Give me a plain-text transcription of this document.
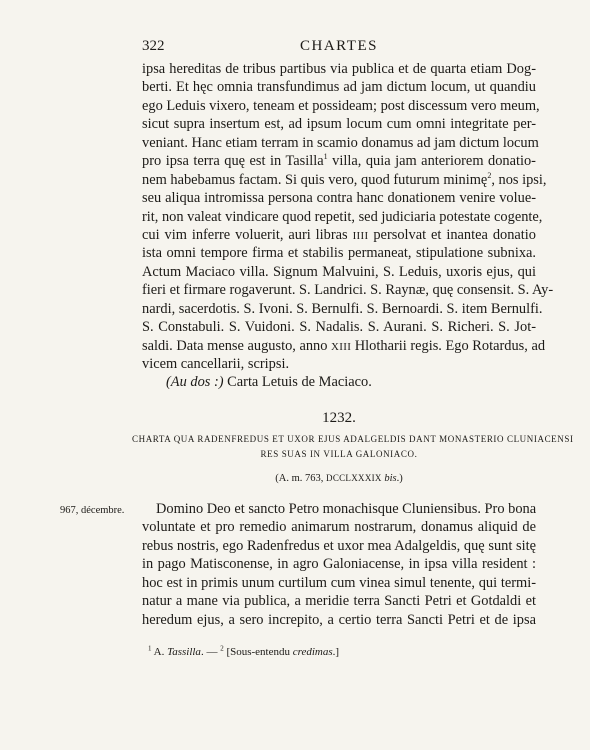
322	CHARTES
ipsa hereditas de tribus partibus via publica et de quarta etiam Dog-
berti. Et hęc omnia transfundimus ad jam dictum locum, ut quandiu
ego Leduis vixero, teneam et possideam; post discessum vero meum,
sicut supra insertum est, ad ipsum locum cum omni integritate per-
veniant. Hanc etiam terram in scamio donamus ad jam dictum locum
pro ipsa terra quę est in Tasilla$^1$ villa, quia jam anteriorem donatio-
nem habebamus factam. Si quis vero, quod futurum minimę$^2$, nos ipsi,
seu aliqua intromissa persona contra hanc donationem venire volue-
rit, non valeat vindicare quod repetit, sed judiciaria potestate cogente,
cui vim inferre voluerit, auri libras IIII persolvat et inantea donatio
ista omni tempore firma et stabilis permaneat, stipulatione subnixa.
Actum Maciaco villa. Signum Malvuini, S. Leduis, uxoris ejus, qui
fieri et firmare rogaverunt. S. Landrici. S. Raynæ, quę consensit. S. Ay-
nardi, sacerdotis. S. Ivoni. S. Bernulfi. S. Bernoardi. S. item Bernulfi.
S. Constabuli. S. Vuidoni. S. Nadalis. S. Aurani. S. Richeri. S. Jot-
saldi. Data mense augusto, anno XIII Hlotharii regis. Ego Rotardus, ad
vicem cancellarii, scripsi.
(Au dos :) Carta Letuis de Maciaco.
1232.
CHARTA QUA RADENFREDUS ET UXOR EJUS ADALGELDIS DANT MONASTERIO CLUNIACENSI
RES SUAS IN VILLA GALONIACO.
(A. m. 763, DCCLXXXIX bis.)
967, décembre.	Domino Deo et sancto Petro monachisque Cluniensibus. Pro bona
voluntate et pro remedio animarum nostrarum, donamus aliquid de
rebus nostris, ego Radenfredus et uxor mea Adalgeldis, quę sunt sitę
in pago Matisconense, in agro Galoniacense, in ipsa villa resident :
hoc est in primis unum curtilum cum vinea simul tenente, qui termi-
natur a mane via publica, a meridie terra Sancti Petri et Gotdaldi et
heredum ejus, a sero increpito, a certio terra Sancti Petri et de ipsa
$^1$ A. Tassilla. — $^2$ [Sous-entendu credimas.]
